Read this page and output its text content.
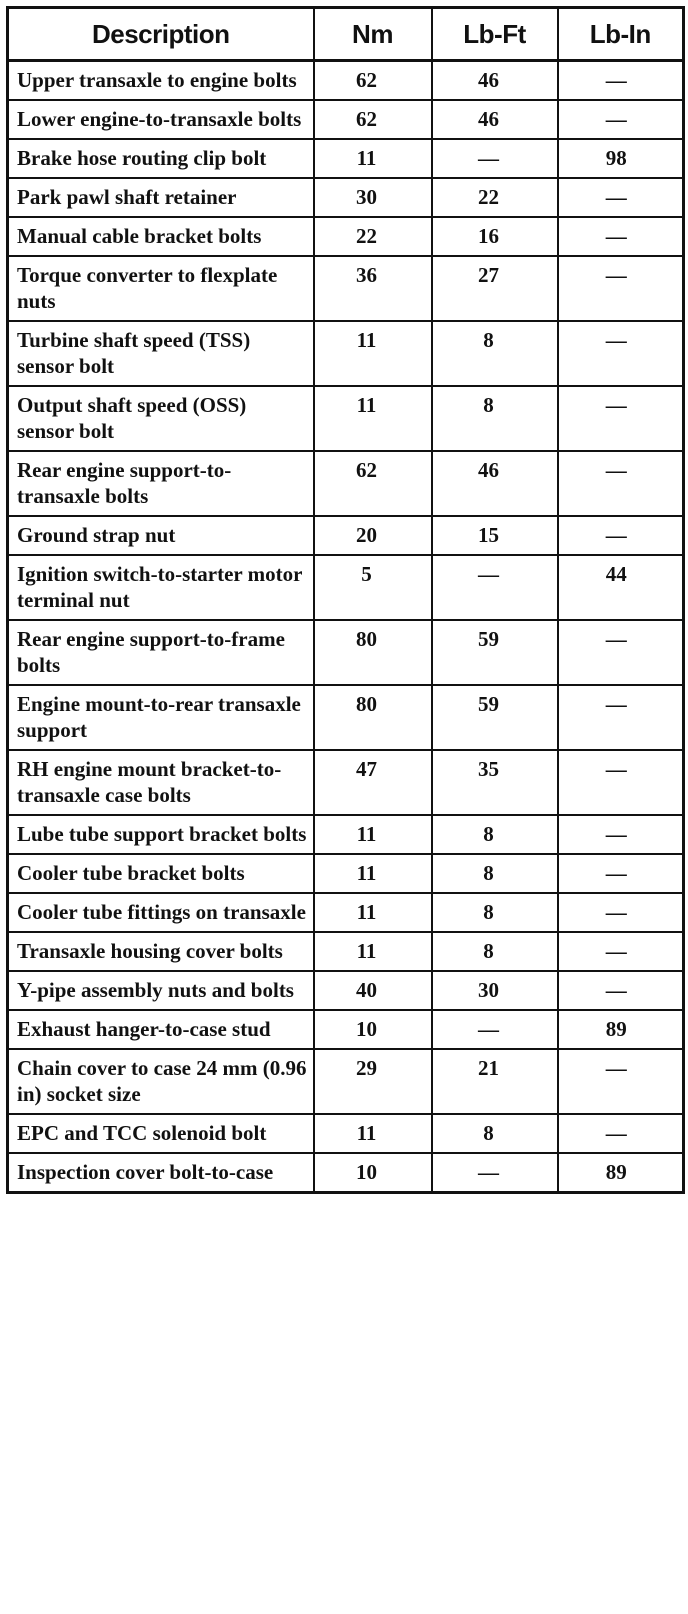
Description	Nm	Lb-Ft	Lb-In
Upper transaxle to engine bolts	62	46	—
Lower engine-to-transaxle bolts	62	46	—
Brake hose routing clip bolt	11	—	98
Park pawl shaft retainer	30	22	—
Manual cable bracket bolts	22	16	—
Torque converter to flexplate nuts	36	27	—
Turbine shaft speed (TSS) sensor bolt	11	8	—
Output shaft speed (OSS) sensor bolt	11	8	—
Rear engine support-to-transaxle bolts	62	46	—
Ground strap nut	20	15	—
Ignition switch-to-starter motor terminal nut	5	—	44
Rear engine support-to-frame bolts	80	59	—
Engine mount-to-rear transaxle support	80	59	—
RH engine mount bracket-to-transaxle case bolts	47	35	—
Lube tube support bracket bolts	11	8	—
Cooler tube bracket bolts	11	8	—
Cooler tube fittings on transaxle	11	8	—
Transaxle housing cover bolts	11	8	—
Y-pipe assembly nuts and bolts	40	30	—
Exhaust hanger-to-case stud	10	—	89
Chain cover to case 24 mm (0.96 in) socket size	29	21	—
EPC and TCC solenoid bolt	11	8	—
Inspection cover bolt-to-case	10	—	89
